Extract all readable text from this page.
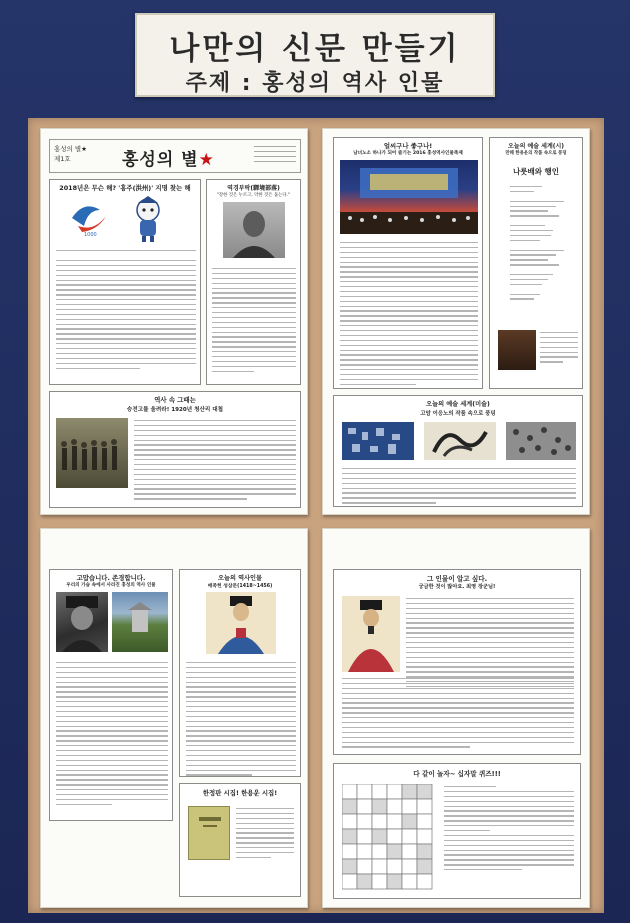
나만의 신문 만들기
주제 : 홍성의 역사 인물
홍성의 별★
제1호	홍성의 별★
2018년은 무슨 해? '홍주(洪州)' 지명 찾는 해
1000
역경부락(驛境部落)
"강한 것은 누르고, 약한 것은 돕는다."
역사 속 그때는
승전고를 울려라! 1920년 청산리 대첩
얼씨구나 좋구나!
남녀노소 하나가 되어 즐기는 2016 홍성역사인물축제
오늘의 예술 세계(시)
만해 한용운의 작품 속으로 풍덩
나룻배와 행인
오늘의 예술 세계(미술)
고암 이응노의 작품 속으로 풍덩
고맙습니다. 존경합니다.
우리의 가슴 속에서 사라진 홍성의 역사 인물
오늘의 역사인물
매죽헌 성삼문(1418~1456)
한정판 시집! 한용운 시집!
그 인물이 알고 싶다.
궁금한 것이 많아요. 최영 장군님!
다 같이 놀자~ 십자말 퀴즈!!!
